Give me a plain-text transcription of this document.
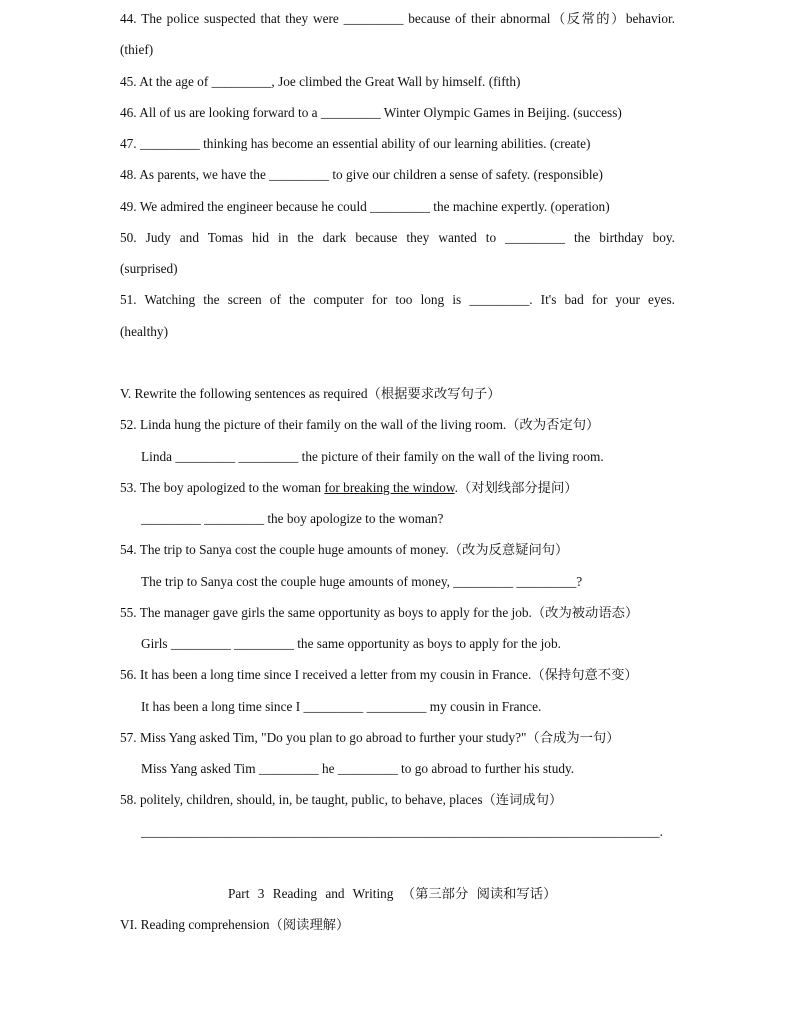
44. The police suspected that they were _________ because of their abnormal（反常的）behavior.
(thief)
45. At the age of _________, Joe climbed the Great Wall by himself. (fifth)
46. All of us are looking forward to a _________ Winter Olympic Games in Beijing. (success)
47. _________ thinking has become an essential ability of our learning abilities. (create)
48. As parents, we have the _________ to give our children a sense of safety. (responsible)
49. We admired the engineer because he could _________ the machine expertly. (operation)
50. Judy and Tomas hid in the dark because they wanted to _________ the birthday boy.
(surprised)
51. Watching the screen of the computer for too long is _________. It's bad for your eyes.
(healthy)
V. Rewrite the following sentences as required（根据要求改写句子）
52. Linda hung the picture of their family on the wall of the living room.（改为否定句）
Linda _________ _________ the picture of their family on the wall of the living room.
53. The boy apologized to the woman for breaking the window.（对划线部分提问）
_________ _________ the boy apologize to the woman?
54. The trip to Sanya cost the couple huge amounts of money.（改为反意疑问句）
The trip to Sanya cost the couple huge amounts of money, _________ _________?
55. The manager gave girls the same opportunity as boys to apply for the job.（改为被动语态）
Girls _________ _________ the same opportunity as boys to apply for the job.
56. It has been a long time since I received a letter from my cousin in France.（保持句意不变）
It has been a long time since I _________ _________ my cousin in France.
57. Miss Yang asked Tim, "Do you plan to go abroad to further your study?"（合成为一句）
Miss Yang asked Tim _________ he _________ to go abroad to further his study.
58. politely, children, should, in, be taught, public, to behave, places（连词成句）
______________________________________________________________________________.
Part 3 Reading and Writing （第三部分 阅读和写话）
VI. Reading comprehension（阅读理解）
